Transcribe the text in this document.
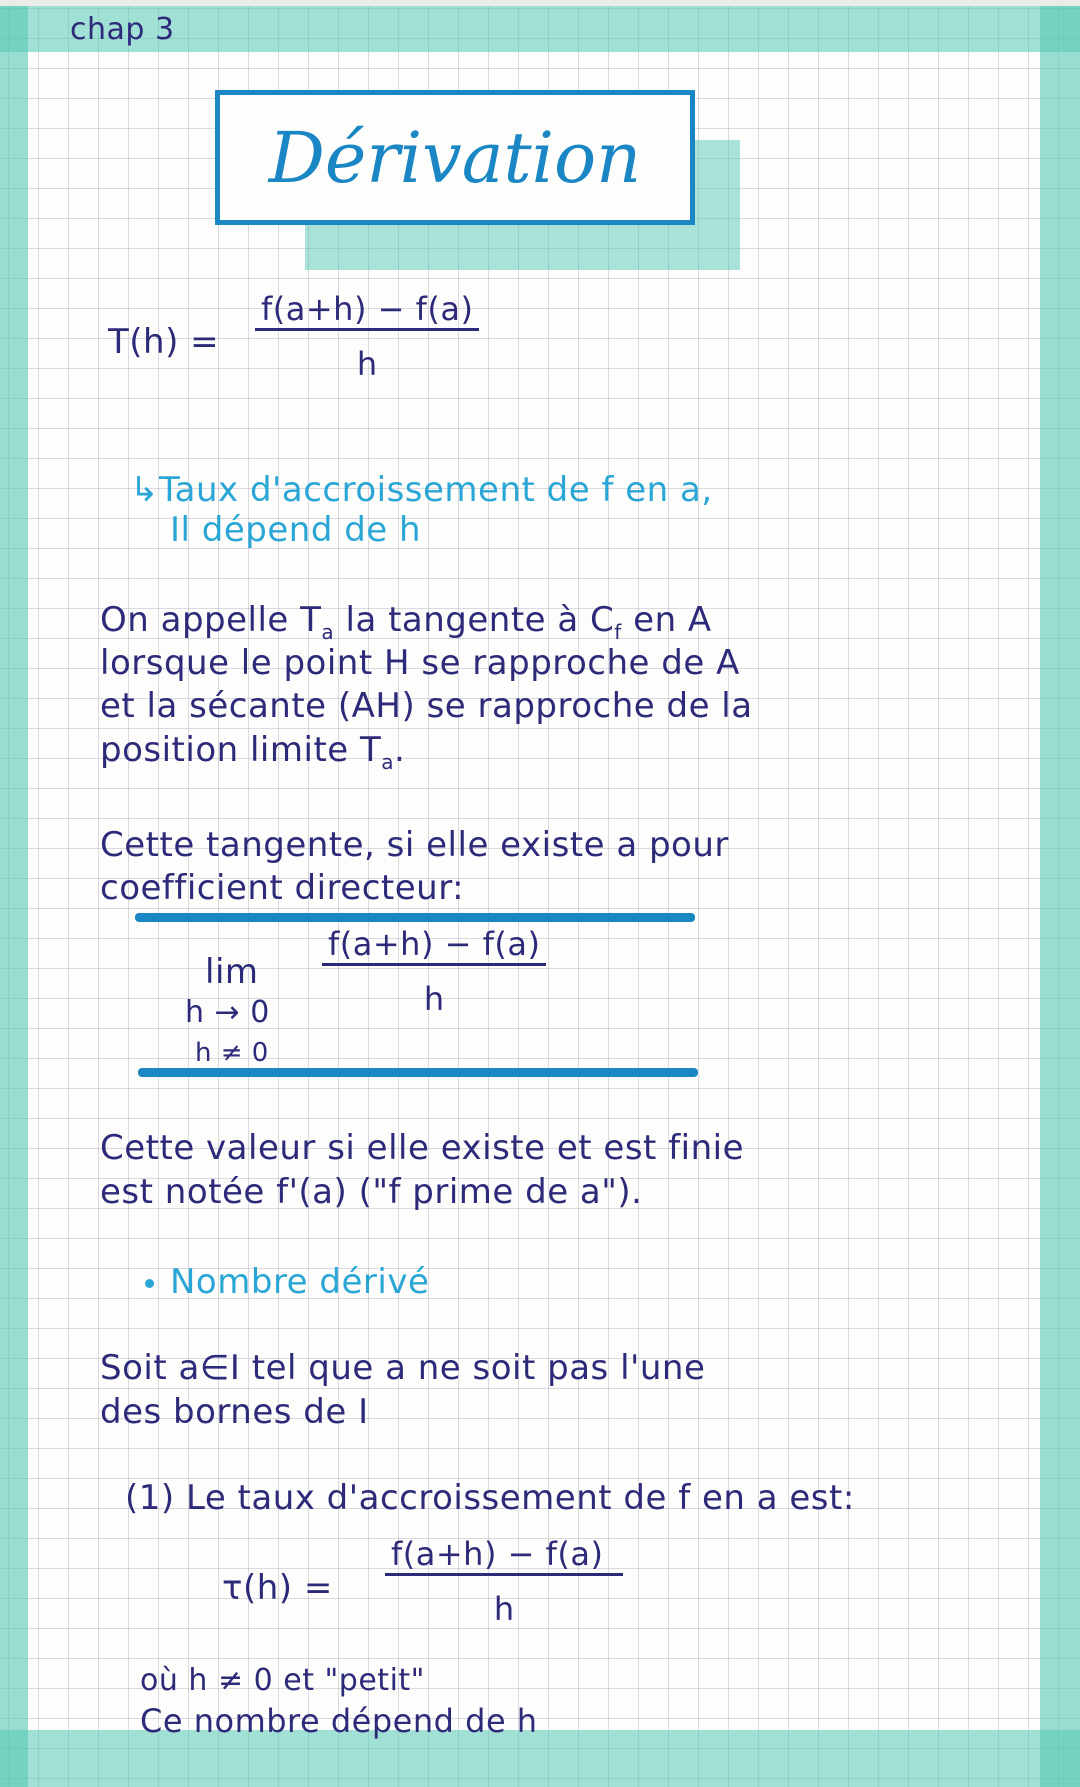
chap 3
Dérivation
$T(h) = \frac{f(a+h) - f(a)}{h}$
↳Taux d'accroissement de f en a,
Il dépend de h
On appelle $T_a$ la tangente à $C_f$ en A
lorsque le point H se rapproche de A
et la sécante (AH) se rapproche de la
position limite $T_a$.
Cette tangente, si elle existe a pour
coefficient directeur:
lim
h → 0
h ≠ 0
$\frac{f(a+h) - f(a)}{h}$
Cette valeur si elle existe et est finie
est notée f'(a) ("f prime de a").
Nombre dérivé
Soit a∈I tel que a ne soit pas l'une
des bornes de I
(1) Le taux d'accroissement de f en a est:
$\tau(h) = \frac{f(a+h) - f(a)}{h}$
où h ≠ 0 et "petit"
Ce nombre dépend de h
